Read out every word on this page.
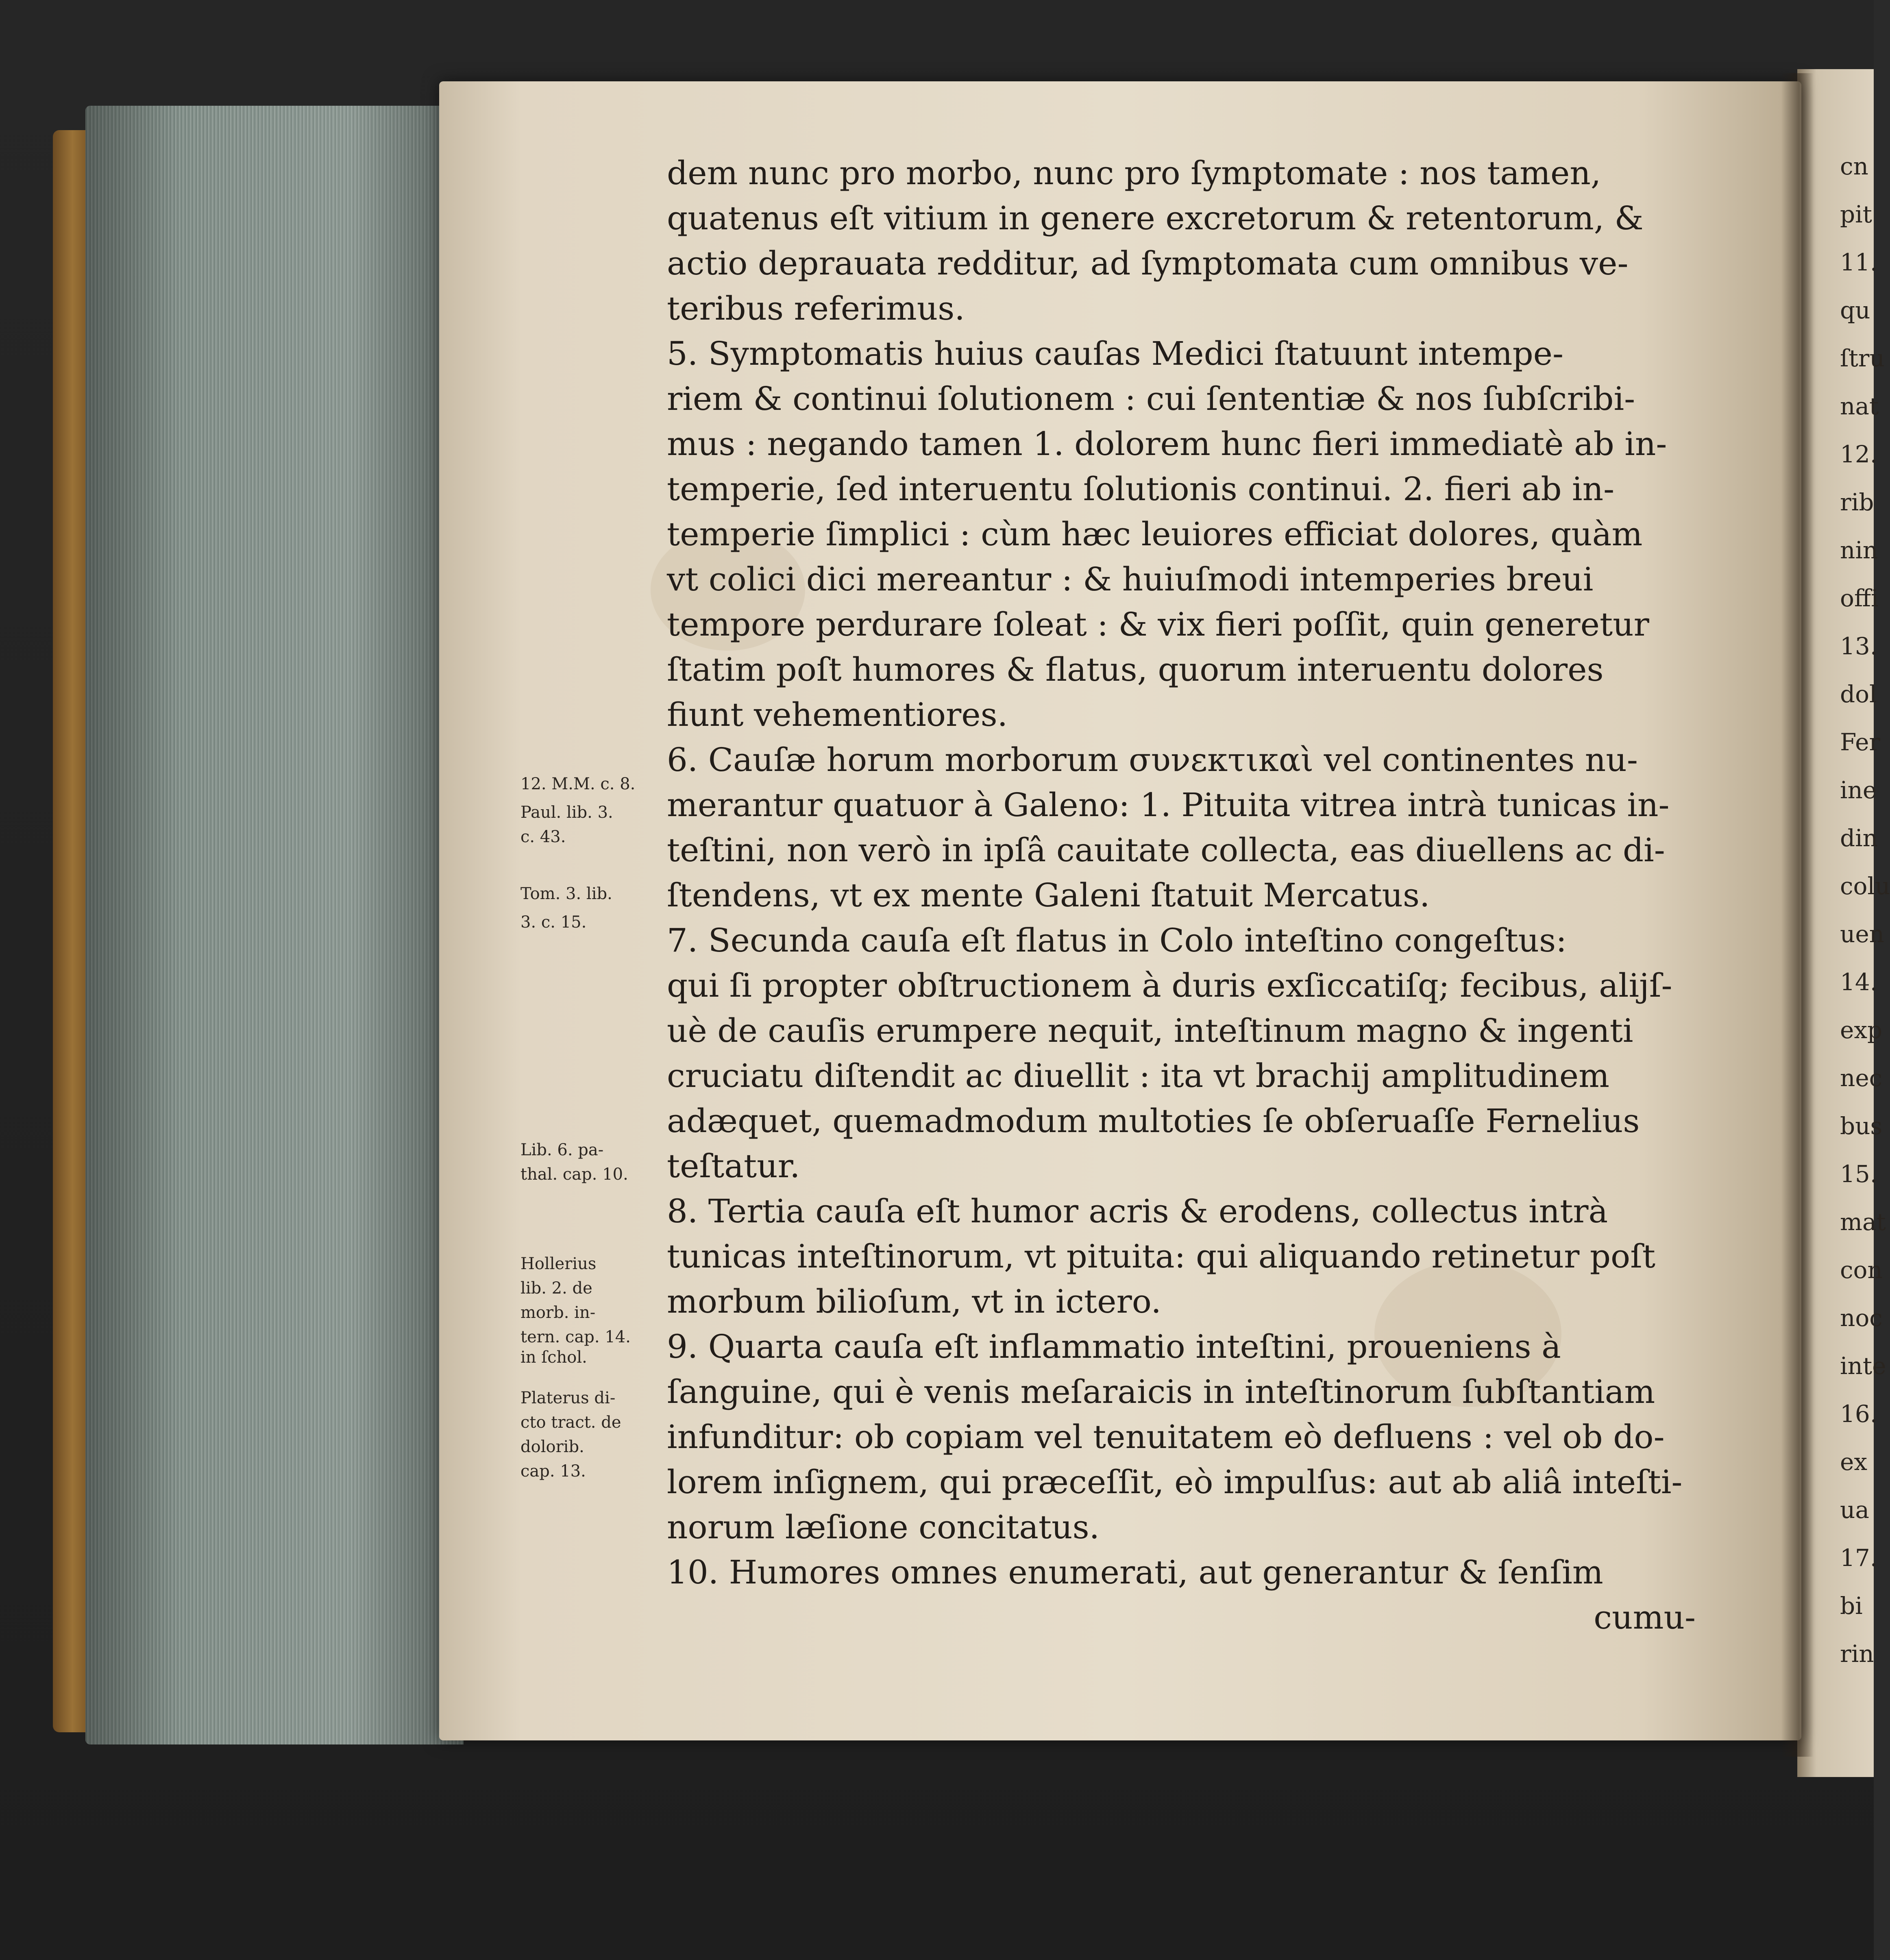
dem nunc pro morbo, nunc pro ſymptomate : nos tamen,
quatenus eſt vitium in genere excretorum & retentorum, &
actio deprauata redditur, ad ſymptomata cum omnibus ve-
teribus referimus.
5. Symptomatis huius cauſas Medici ſtatuunt intempe-
riem & continui ſolutionem : cui ſententiæ & nos ſubſcribi-
mus : negando tamen 1. dolorem hunc fieri immediatè ab in-
temperie, ſed interuentu ſolutionis continui. 2. fieri ab in-
temperie ſimplici : cùm hæc leuiores efficiat dolores, quàm
vt colici dici mereantur : & huiuſmodi intemperies breui
tempore perdurare ſoleat : & vix fieri poſſit, quin generetur
ſtatim poſt humores & flatus, quorum interuentu dolores
fiunt vehementiores.
6. Cauſæ horum morborum συνεκτικαὶ vel continentes nu-
merantur quatuor à Galeno: 1. Pituita vitrea intrà tunicas in-
teſtini, non verò in ipſâ cauitate collecta, eas diuellens ac di-
ſtendens, vt ex mente Galeni ſtatuit Mercatus.
7. Secunda cauſa eſt flatus in Colo inteſtino congeſtus:
qui ſi propter obſtructionem à duris exſiccatiſq; fecibus, alijſ-
uè de cauſis erumpere nequit, inteſtinum magno & ingenti
cruciatu diſtendit ac diuellit : ita vt brachij amplitudinem
adæquet, quemadmodum multoties ſe obſeruaſſe Fernelius
teſtatur.
8. Tertia cauſa eſt humor acris & erodens, collectus intrà
tunicas inteſtinorum, vt pituita: qui aliquando retinetur poſt
morbum bilioſum, vt in ictero.
9. Quarta cauſa eſt inflammatio inteſtini, proueniens à
ſanguine, qui è venis meſaraicis in inteſtinorum ſubſtantiam
infunditur: ob copiam vel tenuitatem eò defluens : vel ob do-
lorem inſignem, qui præceſſit, eò impulſus: aut ab aliâ inteſti-
norum læſione concitatus.
10. Humores omnes enumerati, aut generantur & ſenſim
cumu-
12. M.M. c. 8.
Paul. lib. 3.
c. 43.
Tom. 3. lib.
3. c. 15.
Lib. 6. pa-
thal. cap. 10.
Hollerius
lib. 2. de
morb. in-
tern. cap. 14.
in ſchol.
Platerus di-
cto tract. de
dolorib.
cap. 13.
cn
pit
11.
qu
ſtru
nat
12.
rib
nin
offi
13.
dol
Fer
ine
din
colu
uen
14.
exp
nec
bus
15.
mat
con
noc
inte
16.
ex
ua
17.
bi
rin
